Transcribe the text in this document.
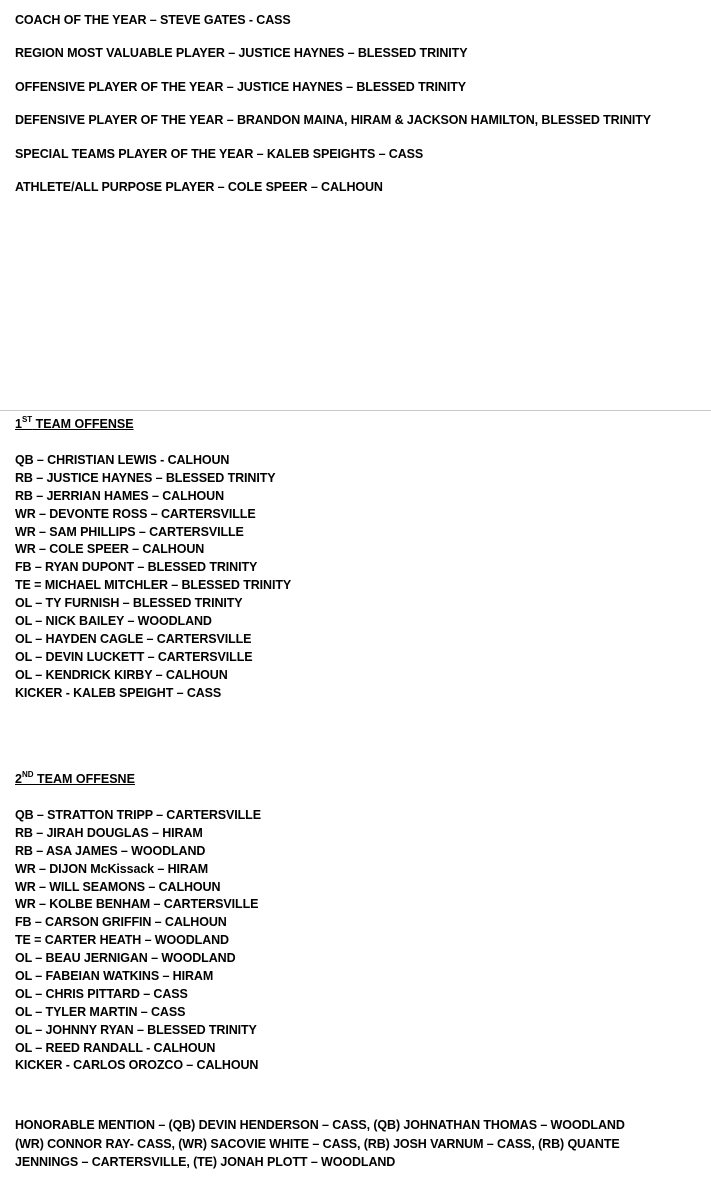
COACH OF THE YEAR – STEVE GATES - CASS
REGION MOST VALUABLE PLAYER – JUSTICE HAYNES – BLESSED TRINITY
OFFENSIVE PLAYER OF THE YEAR – JUSTICE HAYNES – BLESSED TRINITY
DEFENSIVE PLAYER OF THE YEAR – BRANDON MAINA, HIRAM & JACKSON HAMILTON, BLESSED TRINITY
SPECIAL TEAMS PLAYER OF THE YEAR – KALEB SPEIGHTS – CASS
ATHLETE/ALL PURPOSE PLAYER – COLE SPEER – CALHOUN
1ST TEAM OFFENSE
QB – CHRISTIAN LEWIS - CALHOUN
RB – JUSTICE HAYNES – BLESSED TRINITY
RB – JERRIAN HAMES – CALHOUN
WR – DEVONTE ROSS – CARTERSVILLE
WR – SAM PHILLIPS – CARTERSVILLE
WR – COLE SPEER – CALHOUN
FB – RYAN DUPONT – BLESSED TRINITY
TE = MICHAEL MITCHLER – BLESSED TRINITY
OL – TY FURNISH – BLESSED TRINITY
OL – NICK BAILEY – WOODLAND
OL – HAYDEN CAGLE – CARTERSVILLE
OL – DEVIN LUCKETT – CARTERSVILLE
OL – KENDRICK KIRBY – CALHOUN
KICKER - KALEB SPEIGHT – CASS
2ND TEAM OFFESNE
QB – STRATTON TRIPP – CARTERSVILLE
RB – JIRAH DOUGLAS – HIRAM
RB – ASA JAMES – WOODLAND
WR – DIJON McKissack – HIRAM
WR – WILL SEAMONS – CALHOUN
WR – KOLBE BENHAM – CARTERSVILLE
FB – CARSON GRIFFIN – CALHOUN
TE = CARTER HEATH – WOODLAND
OL – BEAU JERNIGAN – WOODLAND
OL – FABEIAN WATKINS – HIRAM
OL – CHRIS PITTARD – CASS
OL – TYLER MARTIN – CASS
OL – JOHNNY RYAN – BLESSED TRINITY
OL – REED RANDALL - CALHOUN
KICKER - CARLOS OROZCO – CALHOUN
HONORABLE MENTION – (QB) DEVIN HENDERSON – CASS, (QB) JOHNATHAN THOMAS – WOODLAND
(WR) CONNOR RAY- CASS, (WR) SACOVIE WHITE – CASS, (RB) JOSH VARNUM – CASS, (RB) QUANTE
JENNINGS – CARTERSVILLE, (TE) JONAH PLOTT – WOODLAND
